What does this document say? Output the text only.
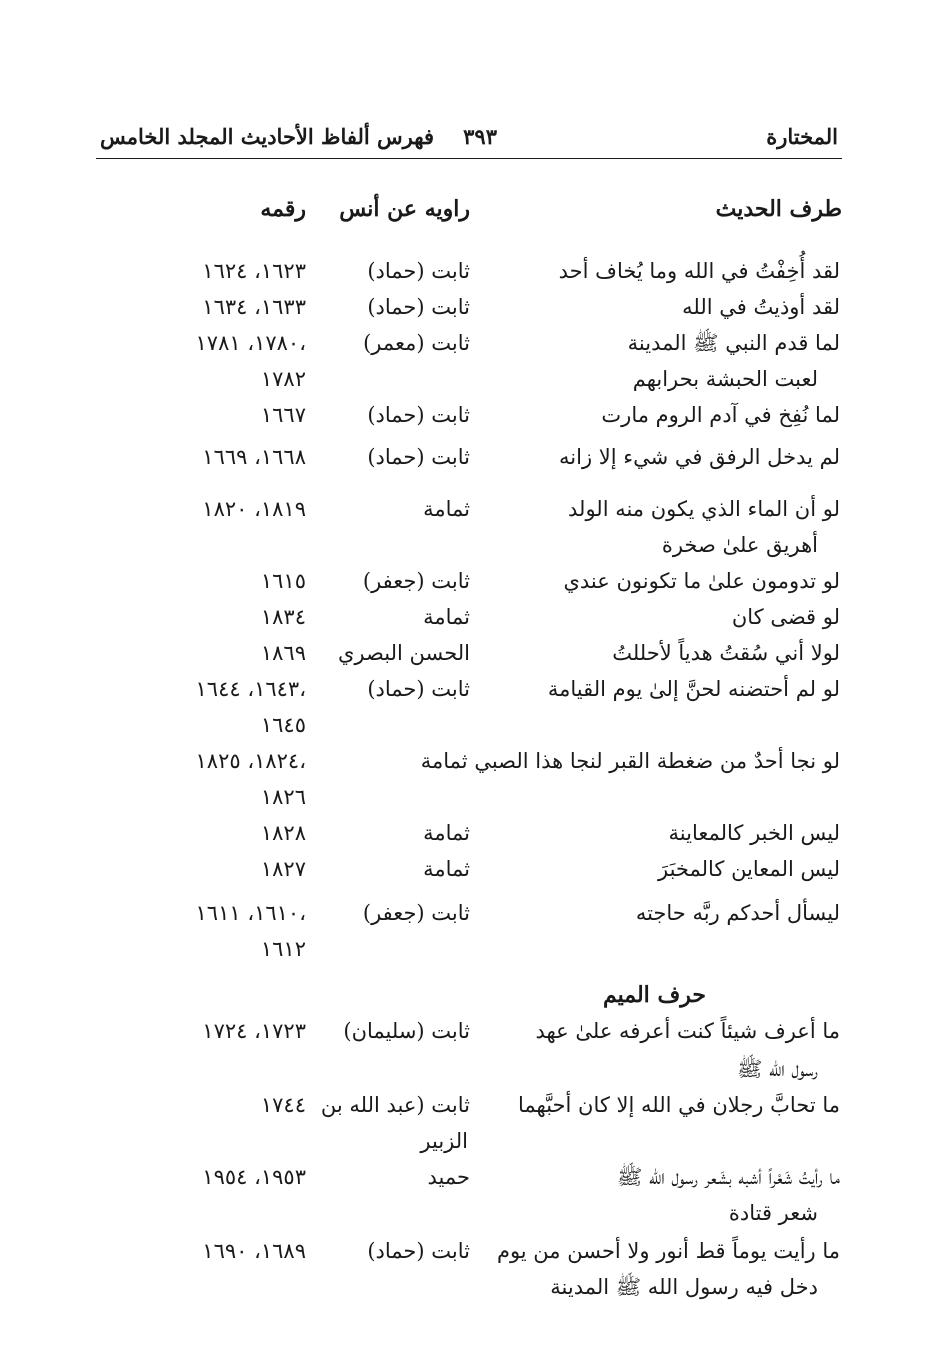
المختارة
٣٩٣
فهرس ألفاظ الأحاديث المجلد الخامس
طرف الحديث
راويه عن أنس
رقمه
لقد أُخِفْتُ في الله وما يُخاف أحد
ثابت (حماد)
١٦٢٣، ١٦٢٤
لقد أوذيتُ في الله
ثابت (حماد)
١٦٣٣، ١٦٣٤
لما قدم النبي ﷺ المدينة
ثابت (معمر)
١٧٨٠، ١٧٨١،
لعبت الحبشة بحرابهم
١٧٨٢
لما نُفِخ في آدم الروم مارت
ثابت (حماد)
١٦٦٧
لم يدخل الرفق في شيء إلا زانه
ثابت (حماد)
١٦٦٨، ١٦٦٩
لو أن الماء الذي يكون منه الولد
ثمامة
١٨١٩، ١٨٢٠
أهريق علىٰ صخرة
لو تدومون علىٰ ما تكونون عندي
ثابت (جعفر)
١٦١٥
لو قضى كان
ثمامة
١٨٣٤
لولا أني سُقتُ هدياً لأحللتُ
الحسن البصري
١٨٦٩
لو لم أحتضنه لحنَّ إلىٰ يوم القيامة
ثابت (حماد)
١٦٤٣، ١٦٤٤،
١٦٤٥
لو نجا أحدٌ من ضغطة القبر لنجا هذا الصبي ثمامة
١٨٢٤، ١٨٢٥،
١٨٢٦
ليس الخبر كالمعاينة
ثمامة
١٨٢٨
ليس المعاين كالمخبَرَ
ثمامة
١٨٢٧
ليسأل أحدكم ربَّه حاجته
ثابت (جعفر)
١٦١٠، ١٦١١،
١٦١٢
حرف الميم
ما أعرف شيئاً كنت أعرفه علىٰ عهد
ثابت (سليمان)
١٧٢٣، ١٧٢٤
رسول الله ﷺ
ما تحابَّ رجلان في الله إلا كان أحبَّهما
ثابت (عبد الله بن
١٧٤٤
الزبير
ما رأيتُ شَعْراً أشبه بشَعر رسول الله ﷺ
حميد
١٩٥٣، ١٩٥٤
شعر قتادة
ما رأيت يوماً قط أنور ولا أحسن من يوم
ثابت (حماد)
١٦٨٩، ١٦٩٠
دخل فيه رسول الله ﷺ المدينة
